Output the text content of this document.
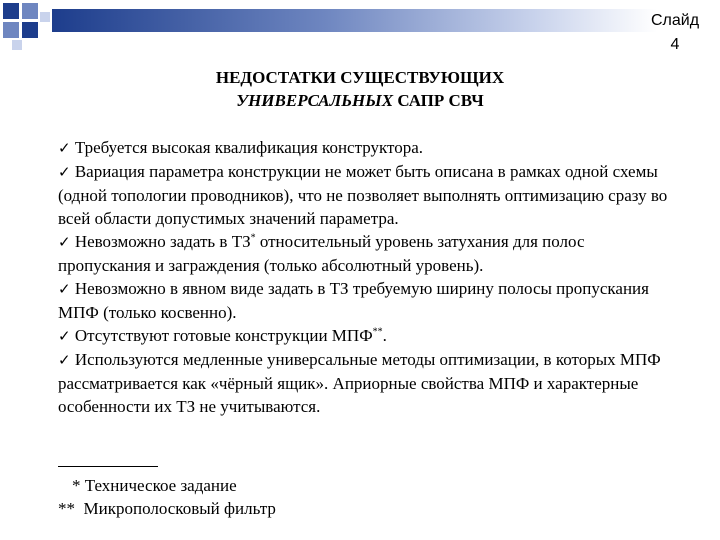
Слайд
4
НЕДОСТАТКИ СУЩЕСТВУЮЩИХ
УНИВЕРСАЛЬНЫХ САПР СВЧ

✓ Требуется высокая квалификация конструктора.

✓ Вариация параметра конструкции не может быть описана в рамках одной схемы (одной топологии проводников), что не позволяет выполнять оптимизацию сразу во всей области допустимых значений параметра.

✓ Невозможно задать в ТЗ* относительный уровень затухания для полос пропускания и заграждения (только абсолютный уровень).

✓ Невозможно в явном виде задать в ТЗ требуемую ширину полосы пропускания МПФ (только косвенно).

✓ Отсутствуют готовые конструкции МПФ**.

✓ Используются медленные универсальные методы оптимизации, в которых МПФ рассматривается как «чёрный ящик». Априорные свойства МПФ и характерные особенности их ТЗ не учитываются.

* Техническое задание
** Микрополосковый фильтр
